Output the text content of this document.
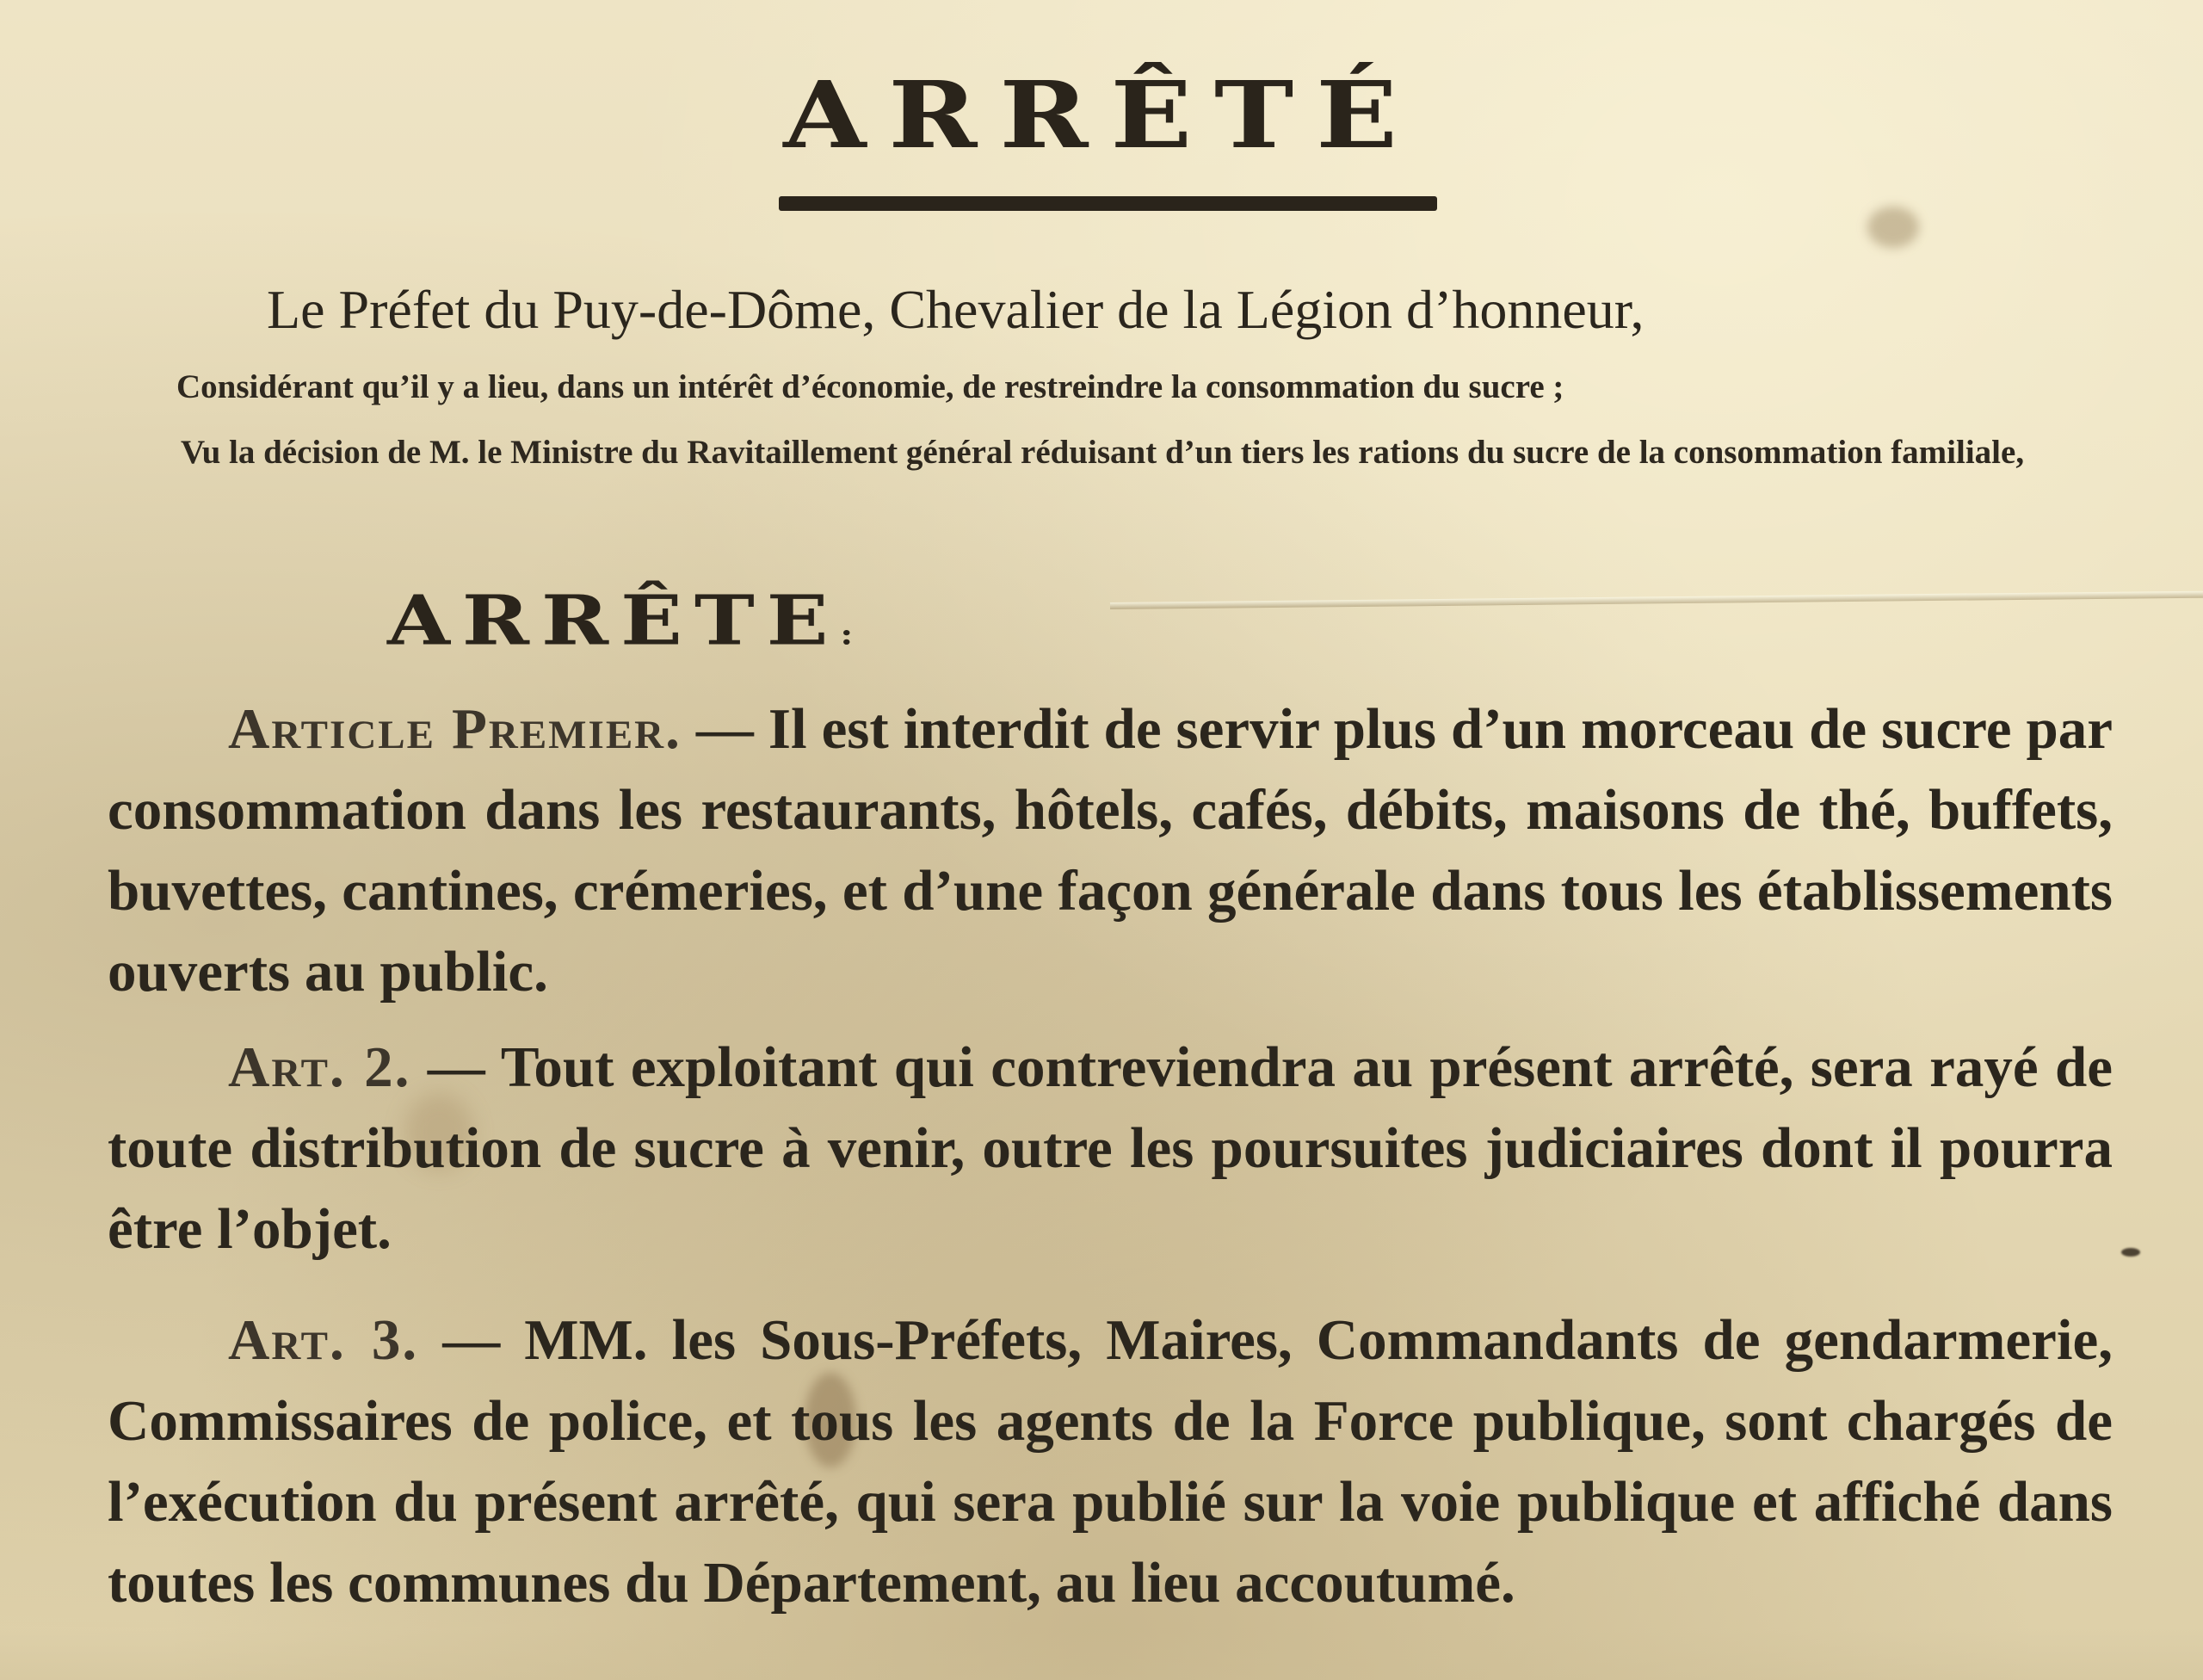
ARRÊTÉ

Le Préfet du Puy-de-Dôme, Chevalier de la Légion d’honneur,

Considérant qu’il y a lieu, dans un intérêt d’économie, de restreindre la consommation du sucre ;

Vu la décision de M. le Ministre du Ravitaillement général réduisant d’un tiers les rations du sucre de la consommation familiale,

ARRÊTE:

Article Premier. — Il est interdit de servir plus d’un morceau de sucre par consommation dans les restaurants, hôtels, cafés, débits, maisons de thé, buffets, buvettes, cantines, crémeries, et d’une façon générale dans tous les établissements ouverts au public.

Art. 2. — Tout exploitant qui contreviendra au présent arrêté, sera rayé de toute distribution de sucre à venir, outre les poursuites judiciaires dont il pourra être l’objet.

Art. 3. — MM. les Sous-Préfets, Maires, Commandants de gendarmerie, Commissaires de police, et tous les agents de la Force publique, sont chargés de l’exécution du présent arrêté, qui sera publié sur la voie publique et affiché dans toutes les communes du Département, au lieu accoutumé.
